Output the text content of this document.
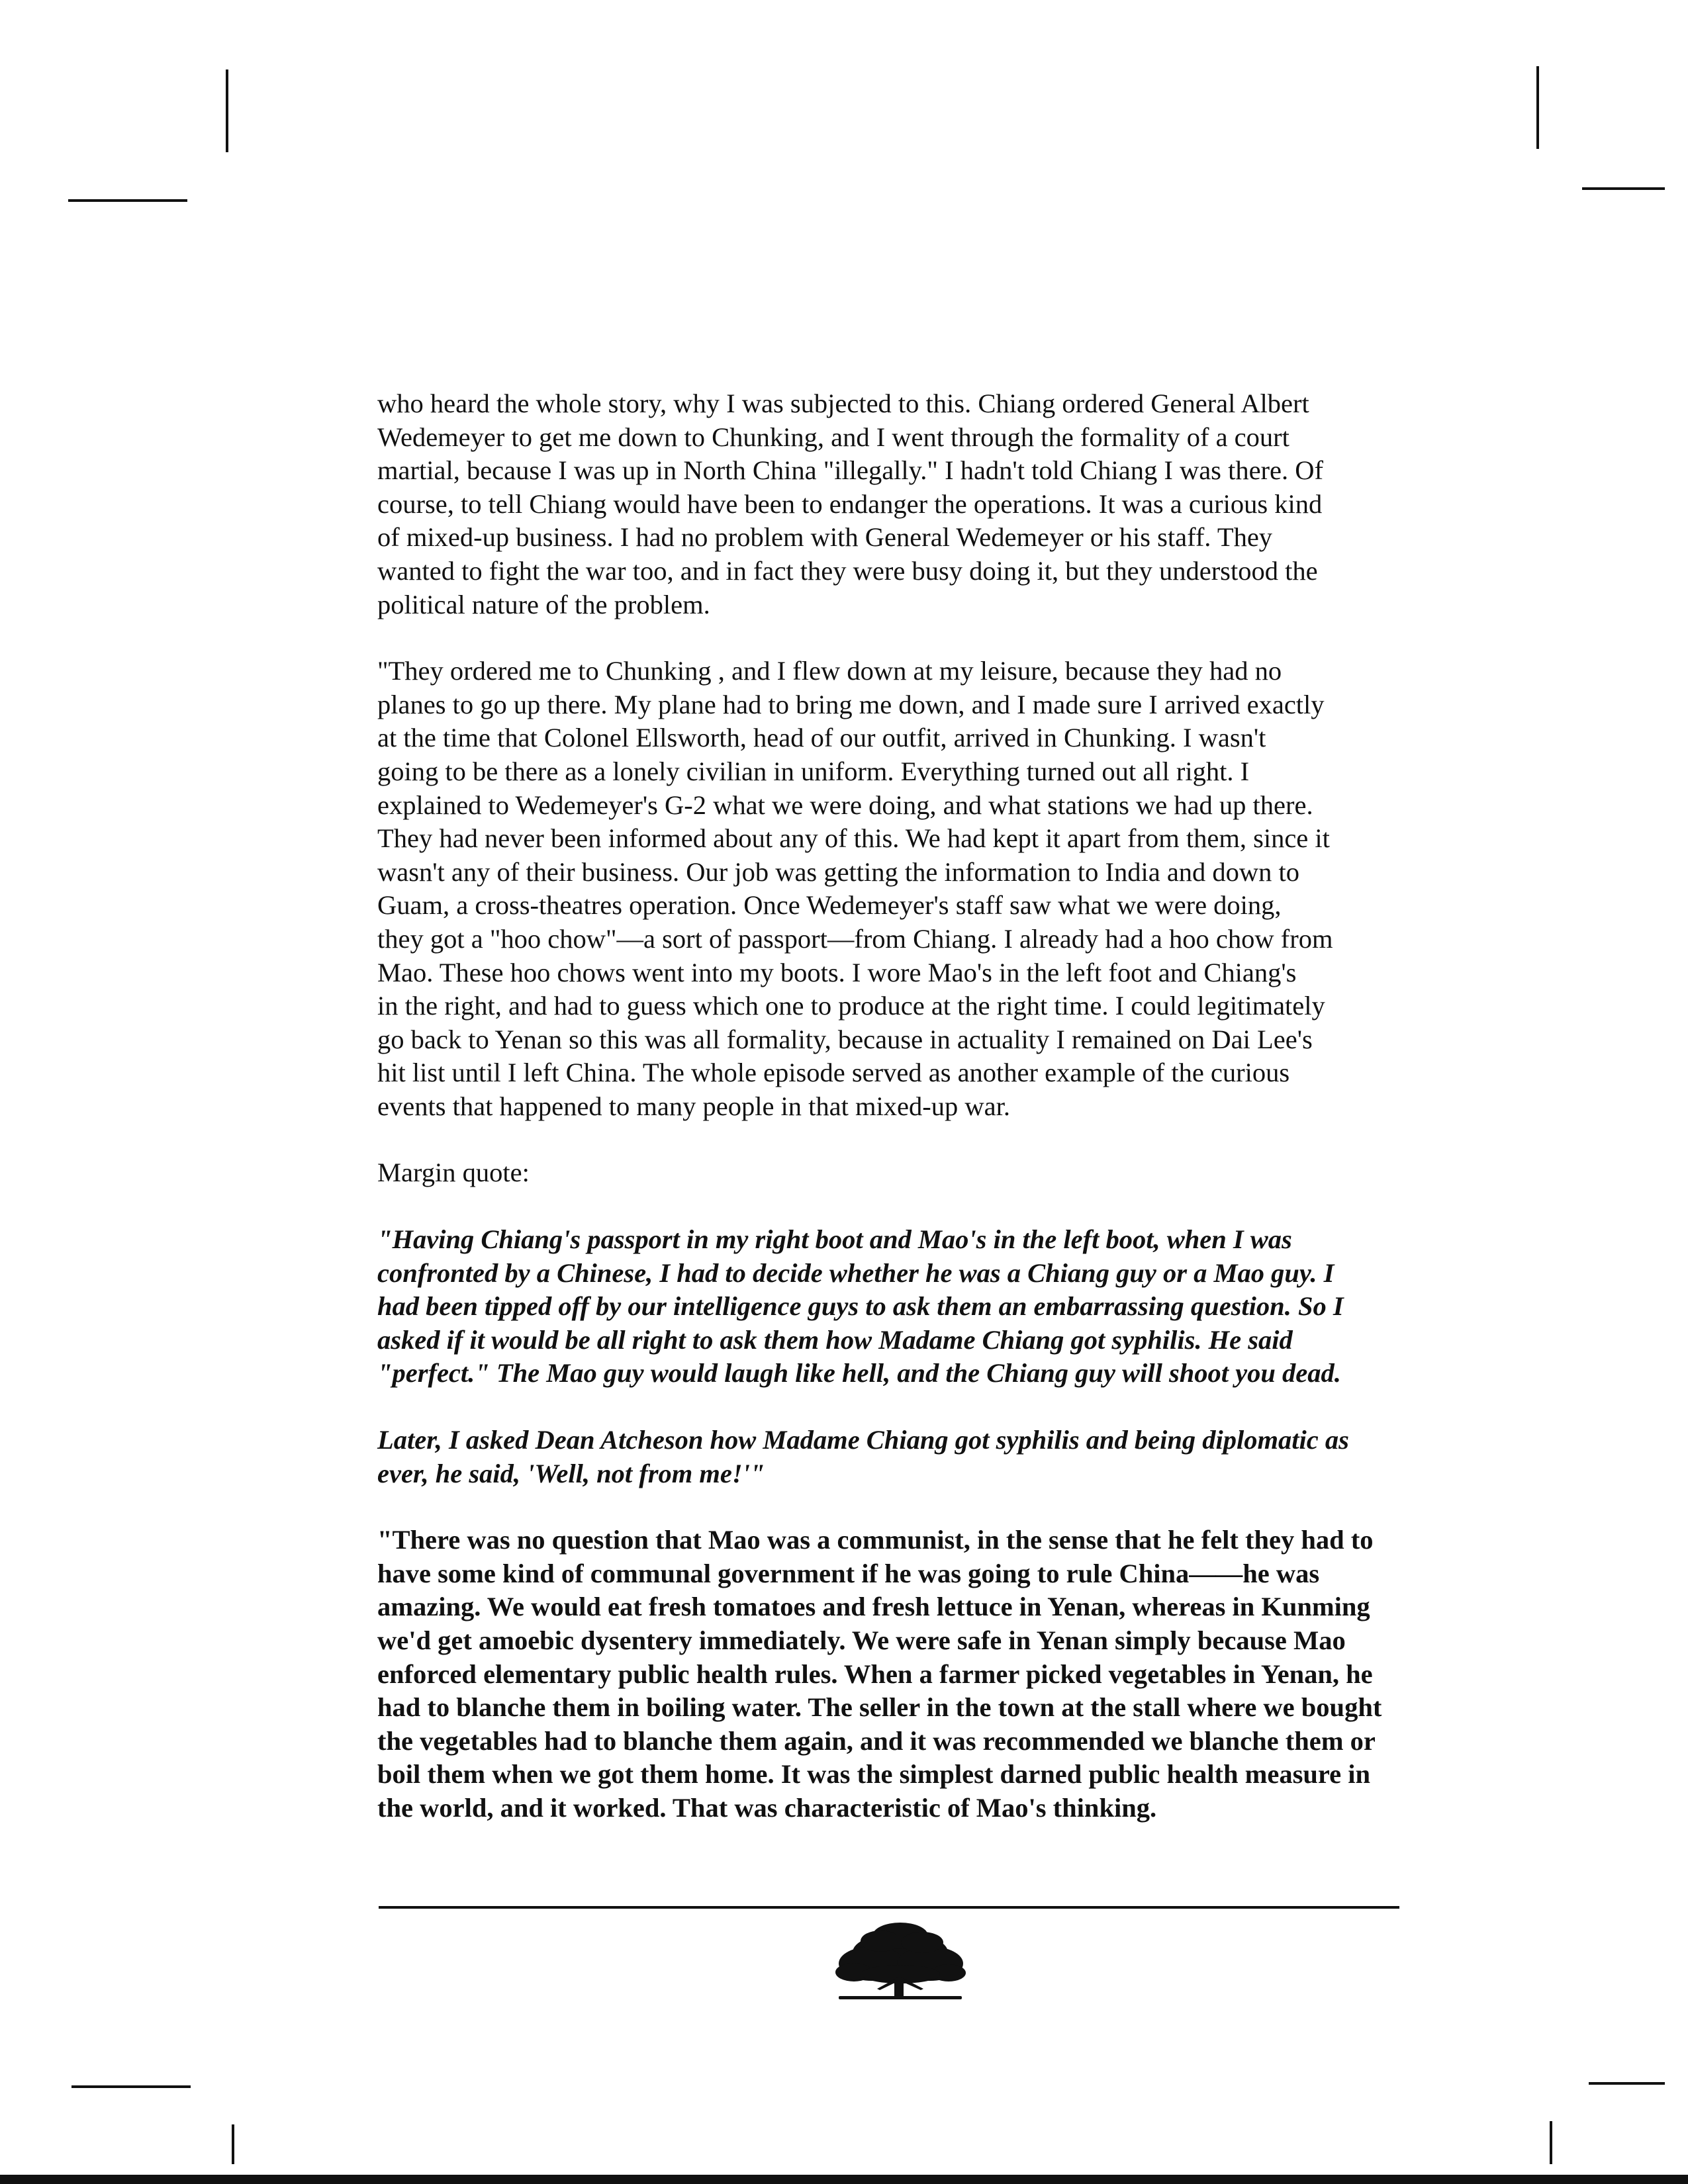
who heard the whole story, why I was subjected to this. Chiang ordered General Albert
Wedemeyer to get me down to Chunking, and I went through the formality of a court
martial, because I was up in North China "illegally." I hadn't told Chiang I was there. Of
course, to tell Chiang would have been to endanger the operations. It was a curious kind
of mixed-up business. I had no problem with General Wedemeyer or his staff. They
wanted to fight the war too, and in fact they were busy doing it, but they understood the
political nature of the problem.
"They ordered me to Chunking , and I flew down at my leisure, because they had no
planes to go up there. My plane had to bring me down, and I made sure I arrived exactly
at the time that Colonel Ellsworth, head of our outfit, arrived in Chunking. I wasn't
going to be there as a lonely civilian in uniform. Everything turned out all right. I
explained to Wedemeyer's G-2 what we were doing, and what stations we had up there.
They had never been informed about any of this. We had kept it apart from them, since it
wasn't any of their business. Our job was getting the information to India and down to
Guam, a cross-theatres operation. Once Wedemeyer's staff saw what we were doing,
they got a "hoo chow"—a sort of passport—from Chiang. I already had a hoo chow from
Mao. These hoo chows went into my boots. I wore Mao's in the left foot and Chiang's
in the right, and had to guess which one to produce at the right time. I could legitimately
go back to Yenan so this was all formality, because in actuality I remained on Dai Lee's
hit list until I left China. The whole episode served as another example of the curious
events that happened to many people in that mixed-up war.
Margin quote:
"Having Chiang's passport in my right boot and Mao's in the left boot, when I was
confronted by a Chinese, I had to decide whether he was a Chiang guy or a Mao guy. I
had been tipped off by our intelligence guys to ask them an embarrassing question. So I
asked if it would be all right to ask them how Madame Chiang got syphilis. He said
"perfect." The Mao guy would laugh like hell, and the Chiang guy will shoot you dead.
Later, I asked Dean Atcheson how Madame Chiang got syphilis and being diplomatic as
ever, he said, 'Well, not from me!'"
"There was no question that Mao was a communist, in the sense that he felt they had to
have some kind of communal government if he was going to rule China——he was
amazing. We would eat fresh tomatoes and fresh lettuce in Yenan, whereas in Kunming
we'd get amoebic dysentery immediately. We were safe in Yenan simply because Mao
enforced elementary public health rules. When a farmer picked vegetables in Yenan, he
had to blanche them in boiling water. The seller in the town at the stall where we bought
the vegetables had to blanche them again, and it was recommended we blanche them or
boil them when we got them home. It was the simplest darned public health measure in
the world, and it worked. That was characteristic of Mao's thinking.
